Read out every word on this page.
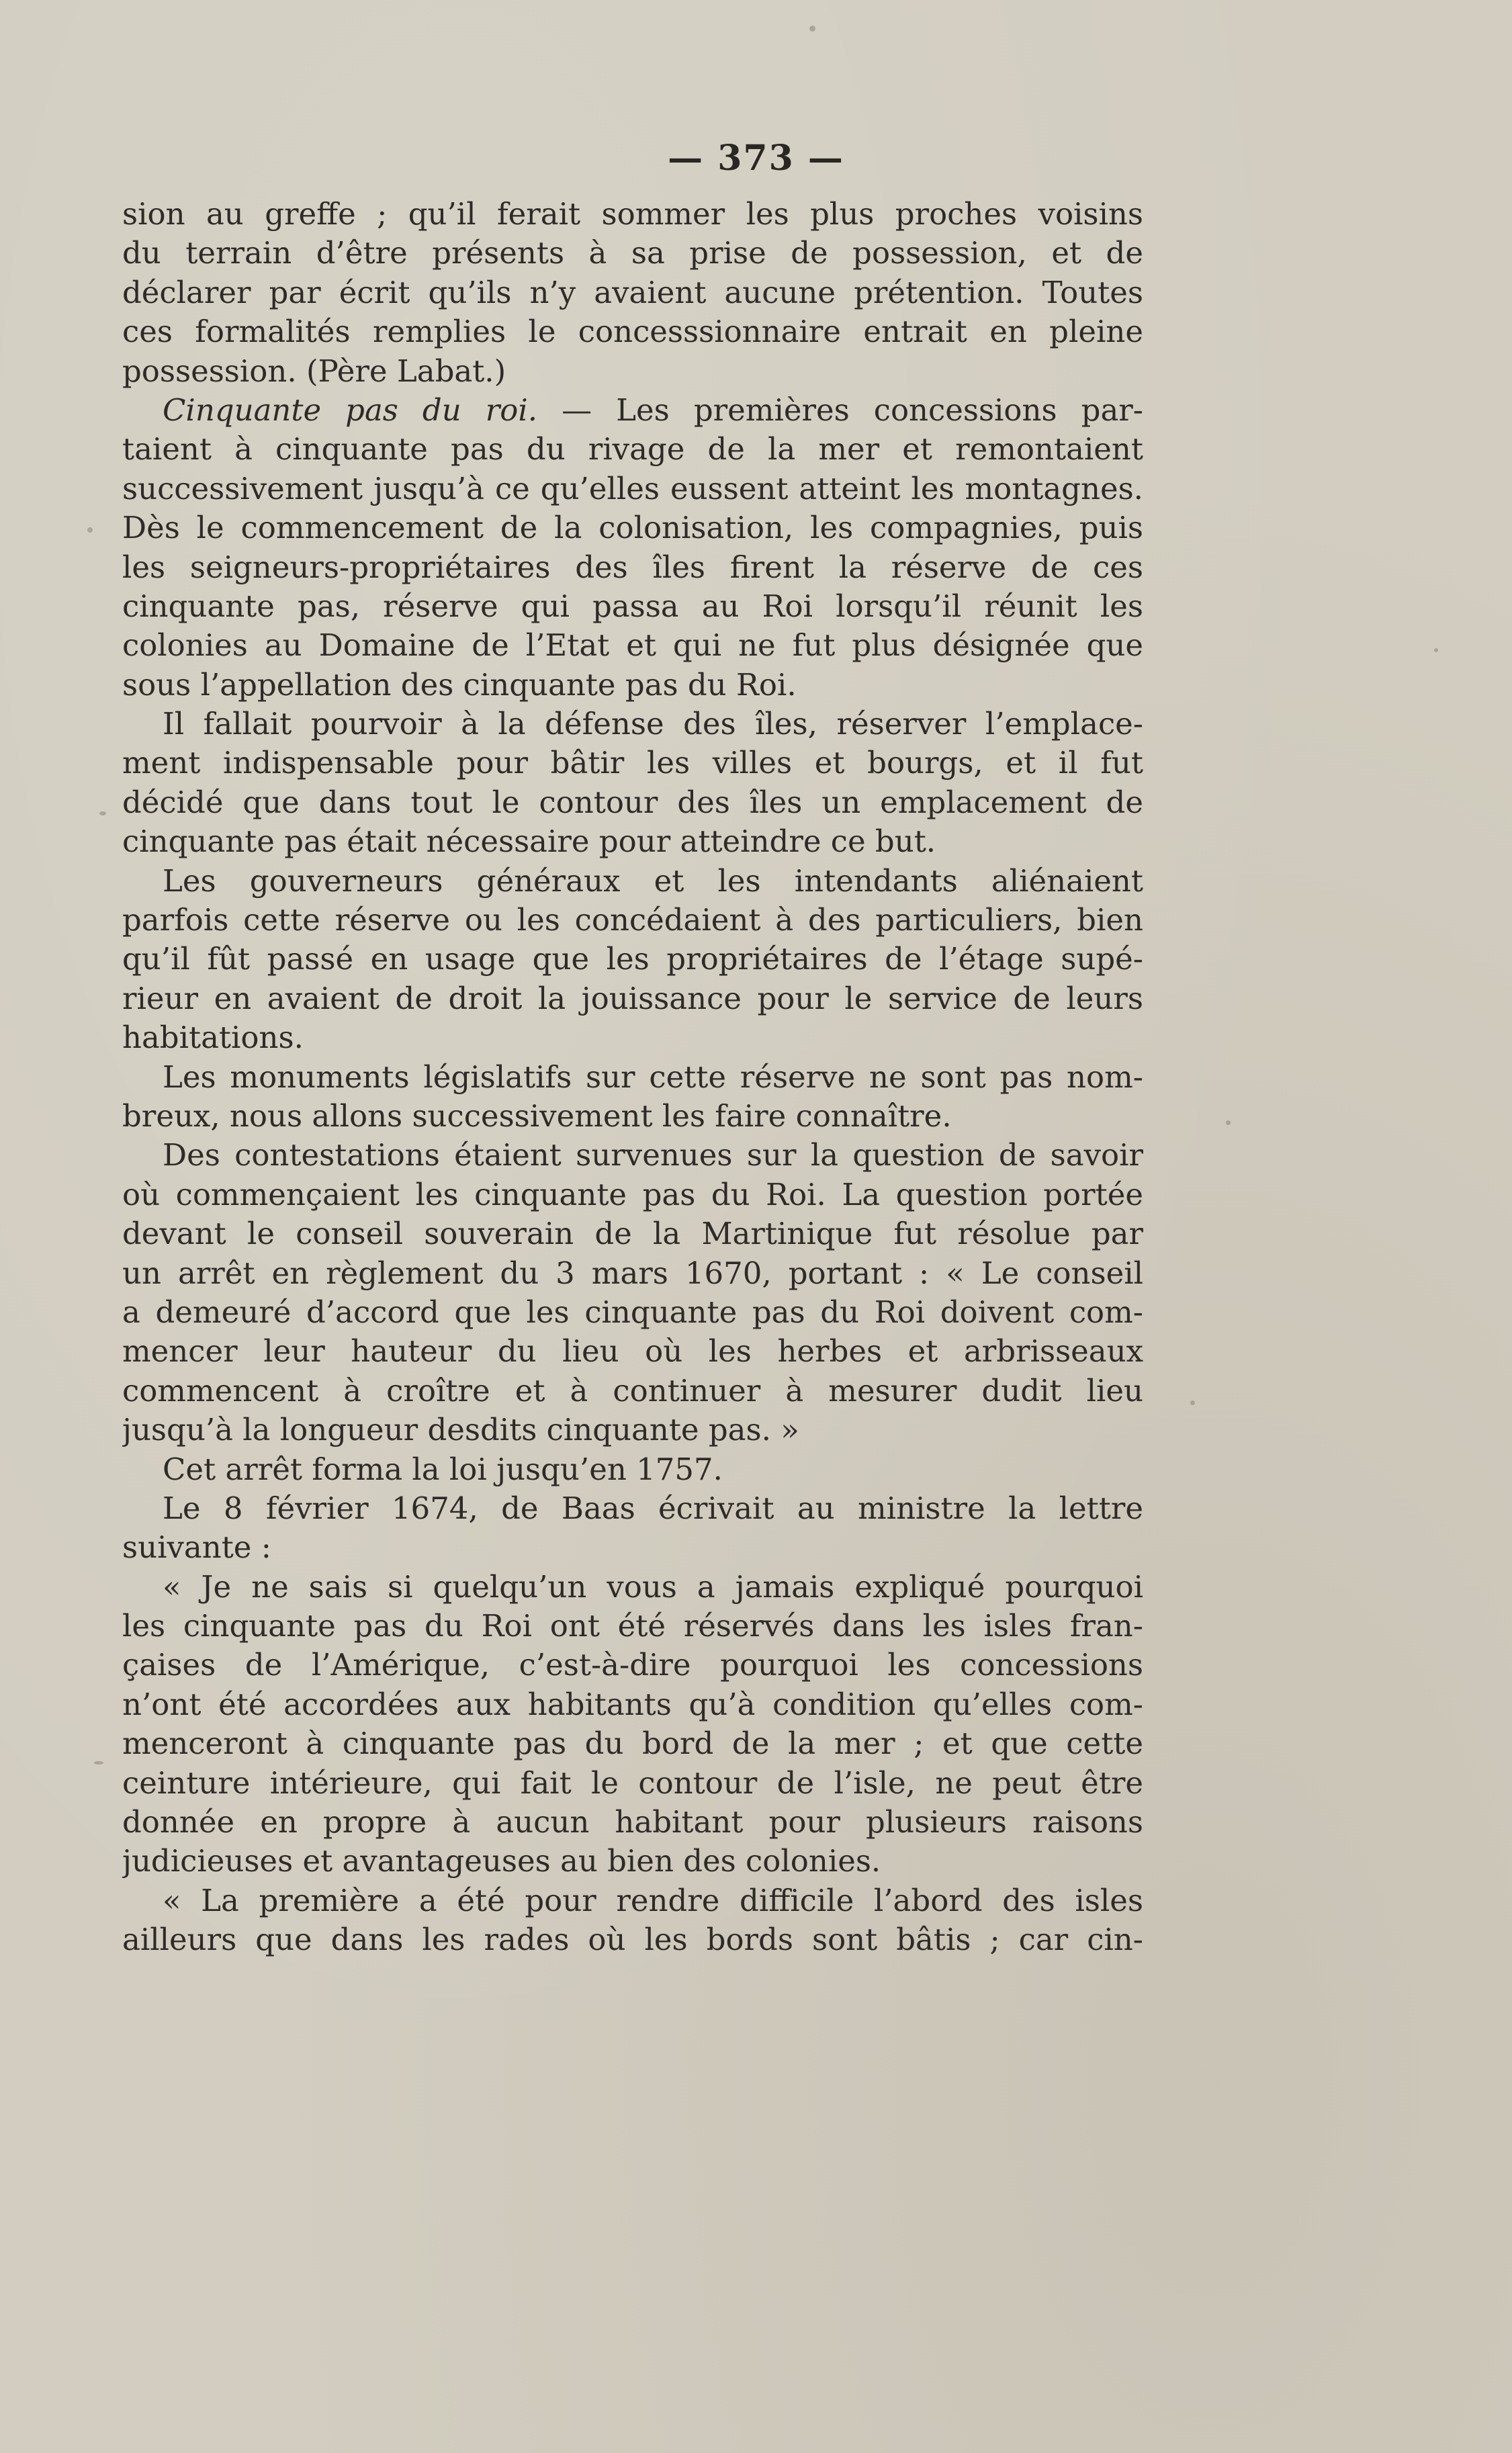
— 373 —
sion au greffe ; qu’il ferait sommer les plus proches voisins
du terrain d’être présents à sa prise de possession, et de
déclarer par écrit qu’ils n’y avaient aucune prétention. Toutes
ces formalités remplies le concesssionnaire entrait en pleine
possession. (Père Labat.)
Cinquante pas du roi. — Les premières concessions par-
taient à cinquante pas du rivage de la mer et remontaient
successivement jusqu’à ce qu’elles eussent atteint les montagnes.
Dès le commencement de la colonisation, les compagnies, puis
les seigneurs-propriétaires des îles firent la réserve de ces
cinquante pas, réserve qui passa au Roi lorsqu’il réunit les
colonies au Domaine de l’Etat et qui ne fut plus désignée que
sous l’appellation des cinquante pas du Roi.
Il fallait pourvoir à la défense des îles, réserver l’emplace-
ment indispensable pour bâtir les villes et bourgs, et il fut
décidé que dans tout le contour des îles un emplacement de
cinquante pas était nécessaire pour atteindre ce but.
Les gouverneurs généraux et les intendants aliénaient
parfois cette réserve ou les concédaient à des particuliers, bien
qu’il fût passé en usage que les propriétaires de l’étage supé-
rieur en avaient de droit la jouissance pour le service de leurs
habitations.
Les monuments législatifs sur cette réserve ne sont pas nom-
breux, nous allons successivement les faire connaître.
Des contestations étaient survenues sur la question de savoir
où commençaient les cinquante pas du Roi. La question portée
devant le conseil souverain de la Martinique fut résolue par
un arrêt en règlement du 3 mars 1670, portant : « Le conseil
a demeuré d’accord que les cinquante pas du Roi doivent com-
mencer leur hauteur du lieu où les herbes et arbrisseaux
commencent à croître et à continuer à mesurer dudit lieu
jusqu’à la longueur desdits cinquante pas. »
Cet arrêt forma la loi jusqu’en 1757.
Le 8 février 1674, de Baas écrivait au ministre la lettre
suivante :
« Je ne sais si quelqu’un vous a jamais expliqué pourquoi
les cinquante pas du Roi ont été réservés dans les isles fran-
çaises de l’Amérique, c’est-à-dire pourquoi les concessions
n’ont été accordées aux habitants qu’à condition qu’elles com-
menceront à cinquante pas du bord de la mer ; et que cette
ceinture intérieure, qui fait le contour de l’isle, ne peut être
donnée en propre à aucun habitant pour plusieurs raisons
judicieuses et avantageuses au bien des colonies.
« La première a été pour rendre difficile l’abord des isles
ailleurs que dans les rades où les bords sont bâtis ; car cin-
